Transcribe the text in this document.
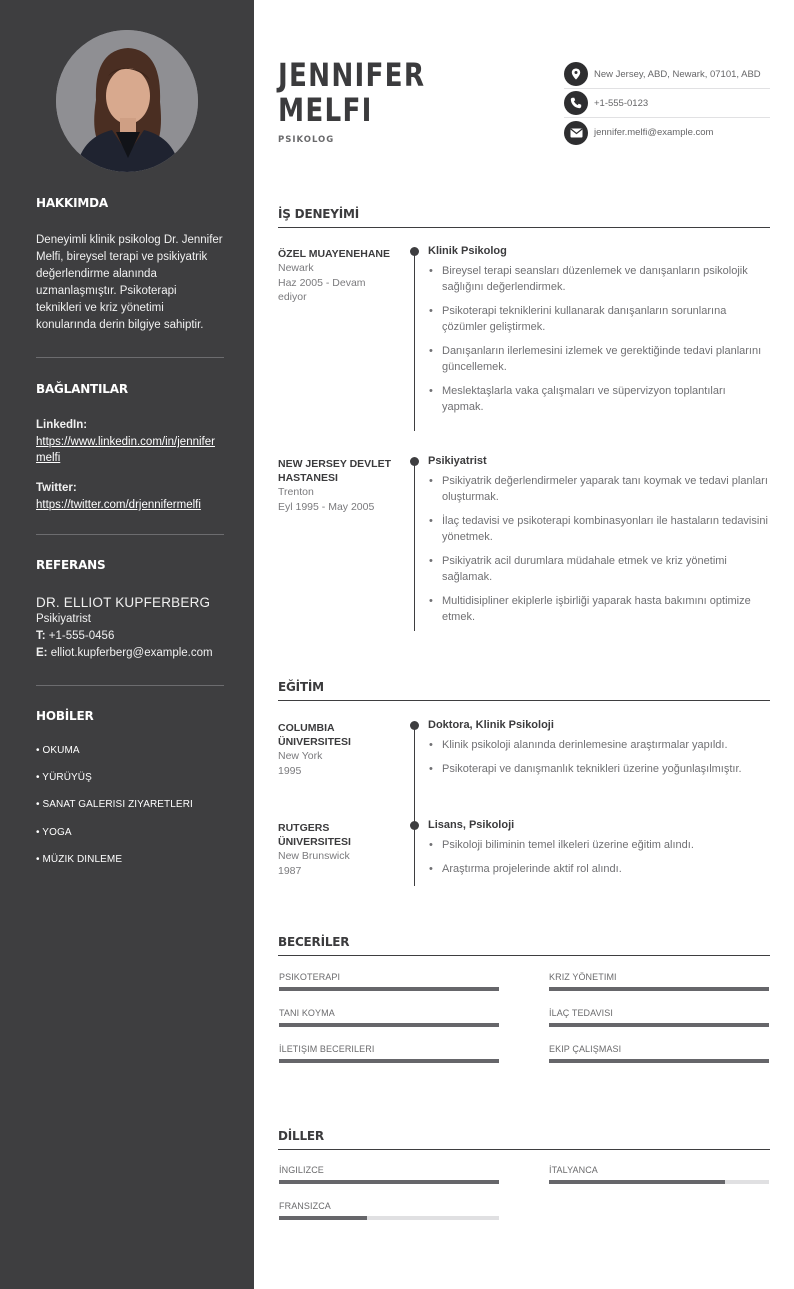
HAKKIMDA
Deneyimli klinik psikolog Dr. Jennifer Melfi, bireysel terapi ve psikiyatrik değerlendirme alanında uzmanlaşmıştır. Psikoterapi teknikleri ve kriz yönetimi konularında derin bilgiye sahiptir.
BAĞLANTILAR
LinkedIn:
https://www.linkedin.com/in/jennifermelfi
Twitter:
https://twitter.com/drjennifermelfi
REFERANS
DR. ELLIOT KUPFERBERG
Psikiyatrist
T: +1-555-0456
E: elliot.kupferberg@example.com
HOBİLER
• OKUMA
• YÜRÜYÜŞ
• SANAT GALERISI ZIYARETLERI
• YOGA
• MÜZIK DINLEME
JENNIFER
MELFI
PSIKOLOG
New Jersey, ABD, Newark, 07101, ABD
+1-555-0123
jennifer.melfi@example.com
İŞ DENEYİMİ
ÖZEL MUAYENEHANE
Newark
Haz 2005 - Devam ediyor
Klinik Psikolog
• Bireysel terapi seansları düzenlemek ve danışanların psikolojik sağlığını değerlendirmek.
• Psikoterapi tekniklerini kullanarak danışanların sorunlarına çözümler geliştirmek.
• Danışanların ilerlemesini izlemek ve gerektiğinde tedavi planlarını güncellemek.
• Meslektaşlarla vaka çalışmaları ve süpervizyon toplantıları yapmak.
NEW JERSEY DEVLET HASTANESI
Trenton
Eyl 1995 - May 2005
Psikiyatrist
• Psikiyatrik değerlendirmeler yaparak tanı koymak ve tedavi planları oluşturmak.
• İlaç tedavisi ve psikoterapi kombinasyonları ile hastaların tedavisini yönetmek.
• Psikiyatrik acil durumlara müdahale etmek ve kriz yönetimi sağlamak.
• Multidisipliner ekiplerle işbirliği yaparak hasta bakımını optimize etmek.
EĞİTİM
COLUMBIA ÜNIVERSITESI
New York
1995
Doktora, Klinik Psikoloji
• Klinik psikoloji alanında derinlemesine araştırmalar yapıldı.
• Psikoterapi ve danışmanlık teknikleri üzerine yoğunlaşılmıştır.
RUTGERS ÜNIVERSITESI
New Brunswick
1987
Lisans, Psikoloji
• Psikoloji biliminin temel ilkeleri üzerine eğitim alındı.
• Araştırma projelerinde aktif rol alındı.
BECERİLER
PSIKOTERAPI	KRIZ YÖNETIMI
TANI KOYMA	İLAÇ TEDAVISI
İLETIŞIM BECERILERI	EKIP ÇALIŞMASI
DİLLER
İNGILIZCE	İTALYANCA
FRANSIZCA
